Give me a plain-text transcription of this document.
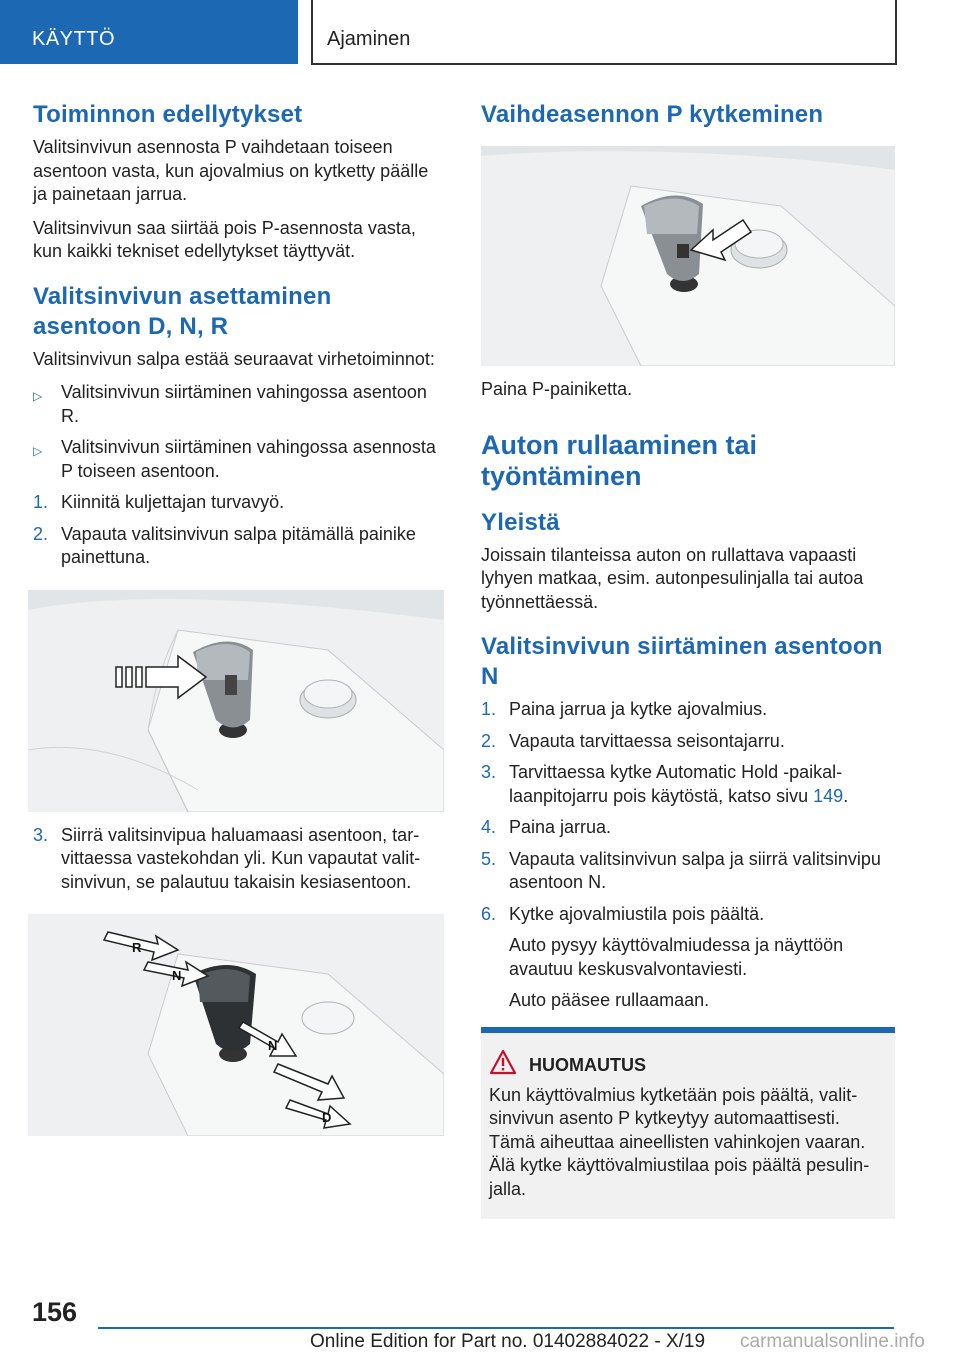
KÄYTTÖ	Ajaminen
Toiminnon edellytykset

Valitsinvivun asennosta P vaihdetaan toiseen asentoon vasta, kun ajovalmius on kytketty päälle ja painetaan jarrua.

Valitsinvivun saa siirtää pois P-asennosta vasta, kun kaikki tekniset edellytykset täyttyvät.

Valitsinvivun asettaminen asentoon D, N, R

Valitsinvivun salpa estää seuraavat virhetoiminnot:

▷ Valitsinvivun siirtäminen vahingossa asentoon R.
▷ Valitsinvivun siirtäminen vahingossa asennosta P toiseen asentoon.
1. Kiinnitä kuljettajan turvavyö.
2. Vapauta valitsinvivun salpa pitämällä painike painettuna.
3. Siirrä valitsinvipua haluamaasi asentoon, tarvittaessa vastekohdan yli. Kun vapautat valitsinvivun, se palautuu takaisin kesiasentoon.
R
N
N
D
Vaihdeasennon P kytkeminen

Paina P-painiketta.

Auton rullaaminen tai työntäminen
Yleistä

Joissain tilanteissa auton on rullattava vapaasti lyhyen matkaa, esim. autonpesulinjalla tai autoa työnnettäessä.

Valitsinvivun siirtäminen asentoon N
1. Paina jarrua ja kytke ajovalmius.
2. Vapauta tarvittaessa seisontajarru.
3. Tarvittaessa kytke Automatic Hold -paikallaanpitojarru pois käytöstä, katso sivu 149.
4. Paina jarrua.
5. Vapauta valitsinvivun salpa ja siirrä valitsinvipu asentoon N.
6. Kytke ajovalmiustila pois päältä.
Auto pysyy käyttövalmiudessa ja näyttöön avautuu keskusvalvontaviesti.
Auto pääsee rullaamaan.
HUOMAUTUS

Kun käyttövalmius kytketään pois päältä, valitsinvivun asento P kytkeytyy automaattisesti. Tämä aiheuttaa aineellisten vahinkojen vaaran. Älä kytke käyttövalmiustilaa pois päältä pesulinjalla.

156
Online Edition for Part no. 01402884022 - X/19 carmanualsonline.info
